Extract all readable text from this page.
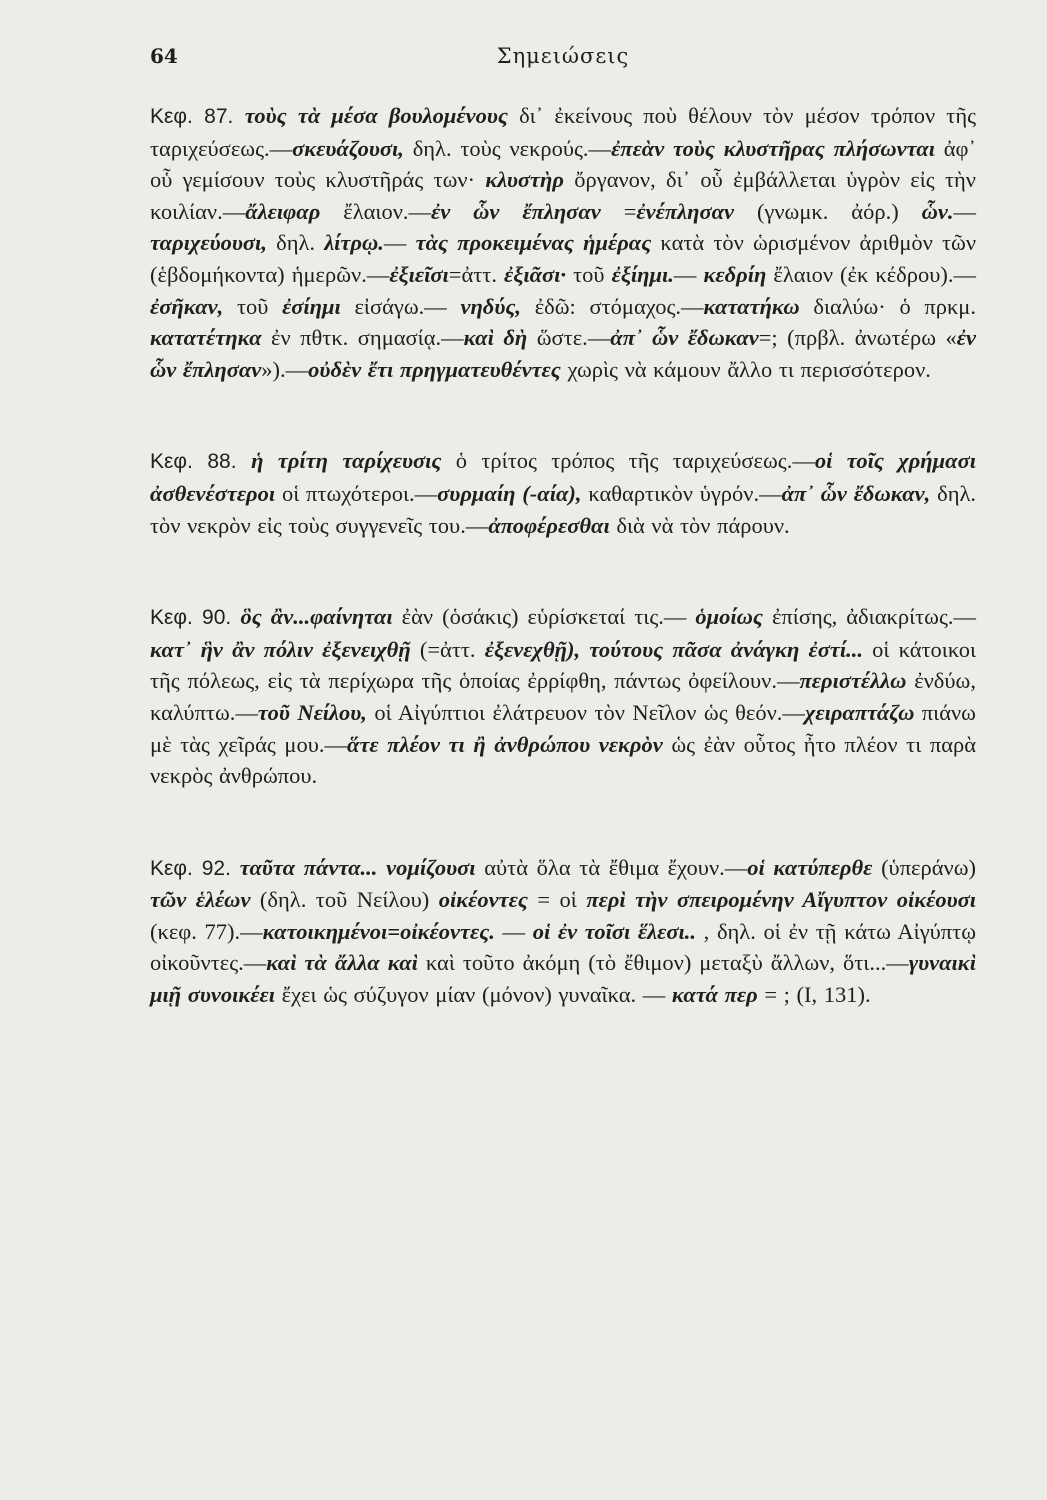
64	Σημειώσεις

Κεφ. 87. τοὺς τὰ μέσα βουλομένους δι᾽ ἐκείνους ποὺ θέλουν τὸν μέσον τρόπον τῆς ταριχεύσεως.—σκευάζουσι, δηλ. τοὺς νεκρούς.—ἐπεὰν τοὺς κλυστῆρας πλήσωνται ἀφ᾽ οὗ γεμίσουν τοὺς κλυστῆράς των· κλυστὴρ ὄργανον, δι᾽ οὗ ἐμβάλλεται ὑγρὸν εἰς τὴν κοιλίαν.—ἄλειφαρ ἔλαιον.—ἐν ὧν ἔπλησαν =ἐνέπλησαν (γνωμκ. ἀόρ.) ὧν.—ταριχεύουσι, δηλ. λίτρῳ.— τὰς προκειμένας ἡμέρας κατὰ τὸν ὡρισμένον ἀριθμὸν τῶν (ἑβδομήκοντα) ἡμερῶν.—ἐξιεῖσι=ἀττ. ἐξιᾶσι· τοῦ ἐξίημι.— κεδρίη ἔλαιον (ἐκ κέδρου).—ἐσῆκαν, τοῦ ἐσίημι εἰσάγω.— νηδύς, ἐδῶ: στόμαχος.—κατατήκω διαλύω· ὁ πρκμ. κατατέτηκα ἐν πθτκ. σημασίᾳ.—καὶ δὴ ὥστε.—ἀπ᾽ ὧν ἔδωκαν=; (πρβλ. ἀνωτέρω «ἐν ὧν ἔπλησαν»).—οὐδὲν ἔτι πρηγματευθέντες χωρὶς νὰ κάμουν ἄλλο τι περισσότερον.

Κεφ. 88. ἡ τρίτη ταρίχευσις ὁ τρίτος τρόπος τῆς ταριχεύσεως.—οἱ τοῖς χρήμασι ἀσθενέστεροι οἱ πτωχότεροι.—συρμαίη (-αία), καθαρτικὸν ὑγρόν.—ἀπ᾽ ὧν ἔδωκαν, δηλ. τὸν νεκρὸν εἰς τοὺς συγγενεῖς του.—ἀποφέρεσθαι διὰ νὰ τὸν πάρουν.

Κεφ. 90. ὃς ἂν...φαίνηται ἐὰν (ὁσάκις) εὑρίσκεταί τις.— ὁμοίως ἐπίσης, ἀδιακρίτως.—κατ᾽ ἣν ἂν πόλιν ἐξενειχθῇ (=ἀττ. ἐξενεχθῇ), τούτους πᾶσα ἀνάγκη ἐστί... οἱ κάτοικοι τῆς πόλεως, εἰς τὰ περίχωρα τῆς ὁποίας ἐρρίφθη, πάντως ὀφείλουν.—περιστέλλω ἐνδύω, καλύπτω.—τοῦ Νείλου, οἱ Αἰγύπτιοι ἐλάτρευον τὸν Νεῖλον ὡς θεόν.—χειραπτάζω πιάνω μὲ τὰς χεῖράς μου.—ἅτε πλέον τι ἢ ἀνθρώπου νεκρὸν ὡς ἐὰν οὗτος ἦτο πλέον τι παρὰ νεκρὸς ἀνθρώπου.

Κεφ. 92. ταῦτα πάντα... νομίζουσι αὐτὰ ὅλα τὰ ἔθιμα ἔχουν.—οἱ κατύπερθε (ὑπεράνω) τῶν ἑλέων (δηλ. τοῦ Νείλου) οἰκέοντες = οἱ περὶ τὴν σπειρομένην Αἴγυπτον οἰκέουσι (κεφ. 77).—κατοικημένοι=οἰκέοντες. — οἱ ἐν τοῖσι ἕλεσι.. , δηλ. οἱ ἐν τῇ κάτω Αἰγύπτῳ οἰκοῦντες.—καὶ τὰ ἄλλα καὶ καὶ τοῦτο ἀκόμη (τὸ ἔθιμον) μεταξὺ ἄλλων, ὅτι...—γυναικὶ μιῇ συνοικέει ἔχει ὡς σύζυγον μίαν (μόνον) γυναῖκα. — κατά περ = ; (I, 131).
